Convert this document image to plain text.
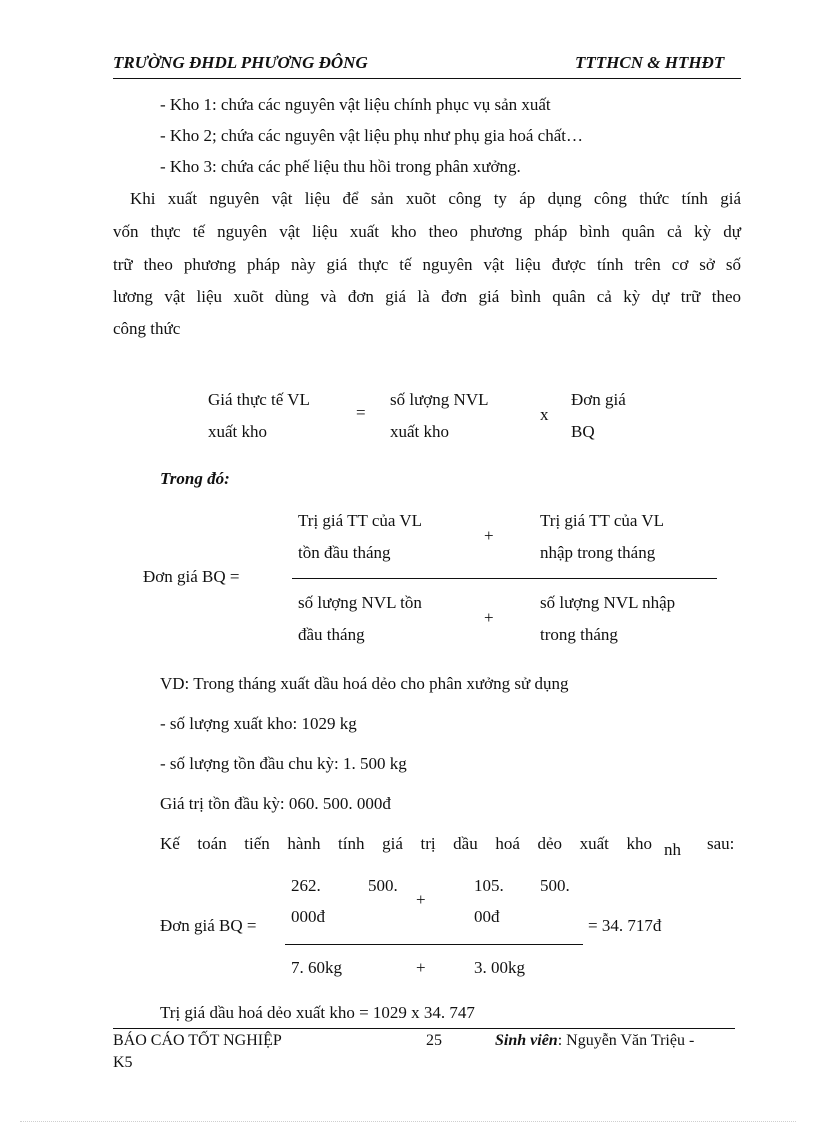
TRƯỜNG ĐHDL PHƯƠNG ĐÔNG	TTTHCN & HTHĐT
- Kho 1: chứa các nguyên vật liệu chính phục vụ sản xuất
- Kho 2; chứa các nguyên vật liệu phụ như phụ gia hoá chất…
- Kho 3: chứa các phế liệu thu hồi trong phân xưởng.
Khi xuất nguyên vật liệu để sản xuõt công ty áp dụng công thức tính giá
vốn thực tế nguyên vật liệu xuất kho theo phương pháp bình quân cả kỳ dự
trữ theo phương pháp này giá thực tế nguyên vật liệu được tính trên cơ sở số
lương vật liệu xuõt dùng và đơn giá là đơn giá bình quân cả kỳ dự trữ theo
công thức
Giá thực tế VL
xuất kho
=
số lượng NVL
xuất kho
x
Đơn giá
BQ
Trong đó:
Trị giá TT của VL
tồn đầu tháng
+
Trị giá TT của VL
nhập trong tháng
Đơn giá BQ =
số lượng NVL tồn
đầu tháng
+
số lượng NVL nhập
trong tháng
VD: Trong tháng xuất dầu hoá dẻo cho phân xưởng sử dụng
- số lượng xuất kho: 1029 kg
- số lượng tồn đầu chu kỳ: 1. 500 kg
Giá trị tồn đầu kỳ: 060. 500. 000đ
Kế toán tiến hành tính giá trị dầu hoá dẻo xuất kho nh sau:
262.	500.
000đ
+
105. 500.
00đ
Đơn giá BQ =	= 34. 717đ
7. 60kg	+	3. 00kg
Trị giá dầu hoá dẻo xuất kho = 1029 x 34. 747
BÁO CÁO TỐT NGHIỆP
K5
25	Sinh viên: Nguyễn Văn Triệu -
